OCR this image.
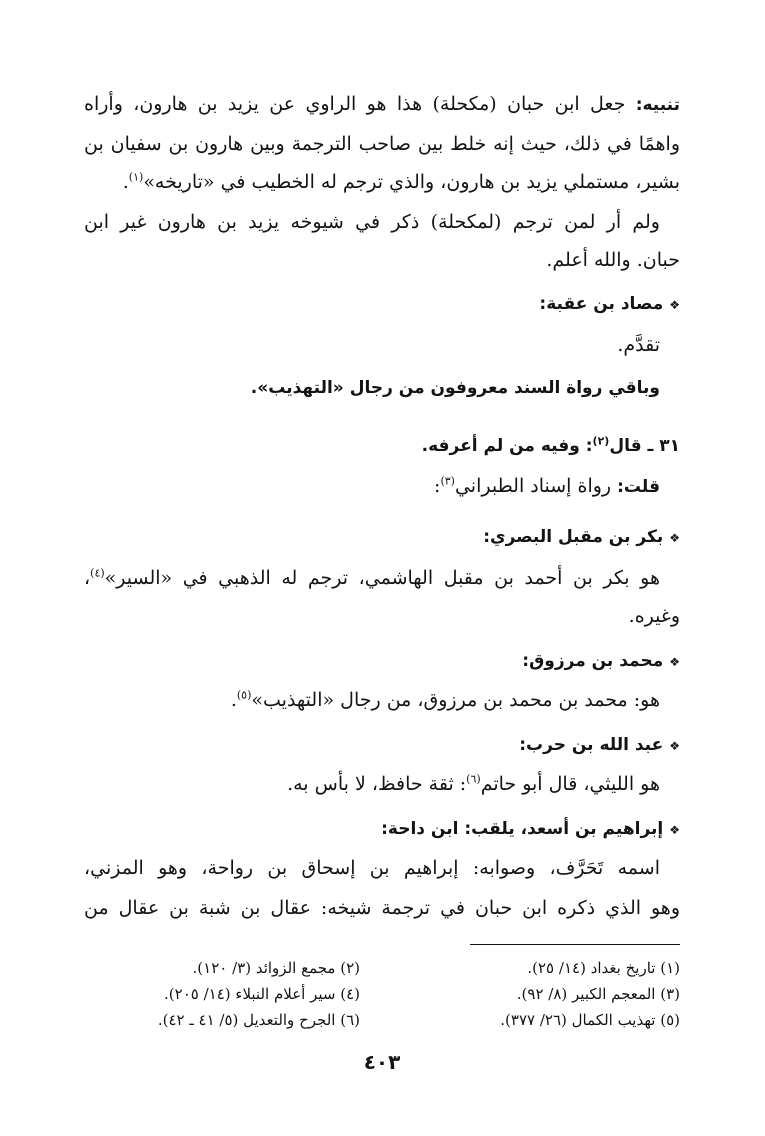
تنبيه: جعل ابن حبان (مكحلة) هذا هو الراوي عن يزيد بن هارون، وأراه
واهمًا في ذلك، حيث إنه خلط بين صاحب الترجمة وبين هارون بن سفيان بن
بشير، مستملي يزيد بن هارون، والذي ترجم له الخطيب في «تاريخه»$^{(١)}$.
ولم أر لمن ترجم (لمكحلة) ذكر في شيوخه يزيد بن هارون غير ابن
حبان. والله أعلم.
❖مصاد بن عقبة:
تقدَّم.
وباقي رواة السند معروفون من رجال «التهذيب».
٣١ ـ قال$^{(٢)}$: وفيه من لم أعرفه.
قلت: رواة إسناد الطبراني$^{(٣)}$:
❖بكر بن مقبل البصري:
هو بكر بن أحمد بن مقبل الهاشمي، ترجم له الذهبي في «السير»$^{(٤)}$،
وغيره.
❖محمد بن مرزوق:
هو: محمد بن محمد بن مرزوق، من رجال «التهذيب»$^{(٥)}$.
❖عبد الله بن حرب:
هو الليثي، قال أبو حاتم$^{(٦)}$: ثقة حافظ، لا بأس به.
❖إبراهيم بن أسعد، يلقب: ابن داحة:
اسمه تَحَرَّف، وصوابه: إبراهيم بن إسحاق بن رواحة، وهو المزني،
وهو الذي ذكره ابن حبان في ترجمة شيخه: عقال بن شبة بن عقال من
(١) تاريخ بغداد (١٤/ ٢٥).
(٢) مجمع الزوائد (٣/ ١٢٠).
(٣) المعجم الكبير (٨/ ٩٢).
(٤) سير أعلام النبلاء (١٤/ ٢٠٥).
(٥) تهذيب الكمال (٢٦/ ٣٧٧).
(٦) الجرح والتعديل (٥/ ٤١ ـ ٤٢).
٤٠٣
